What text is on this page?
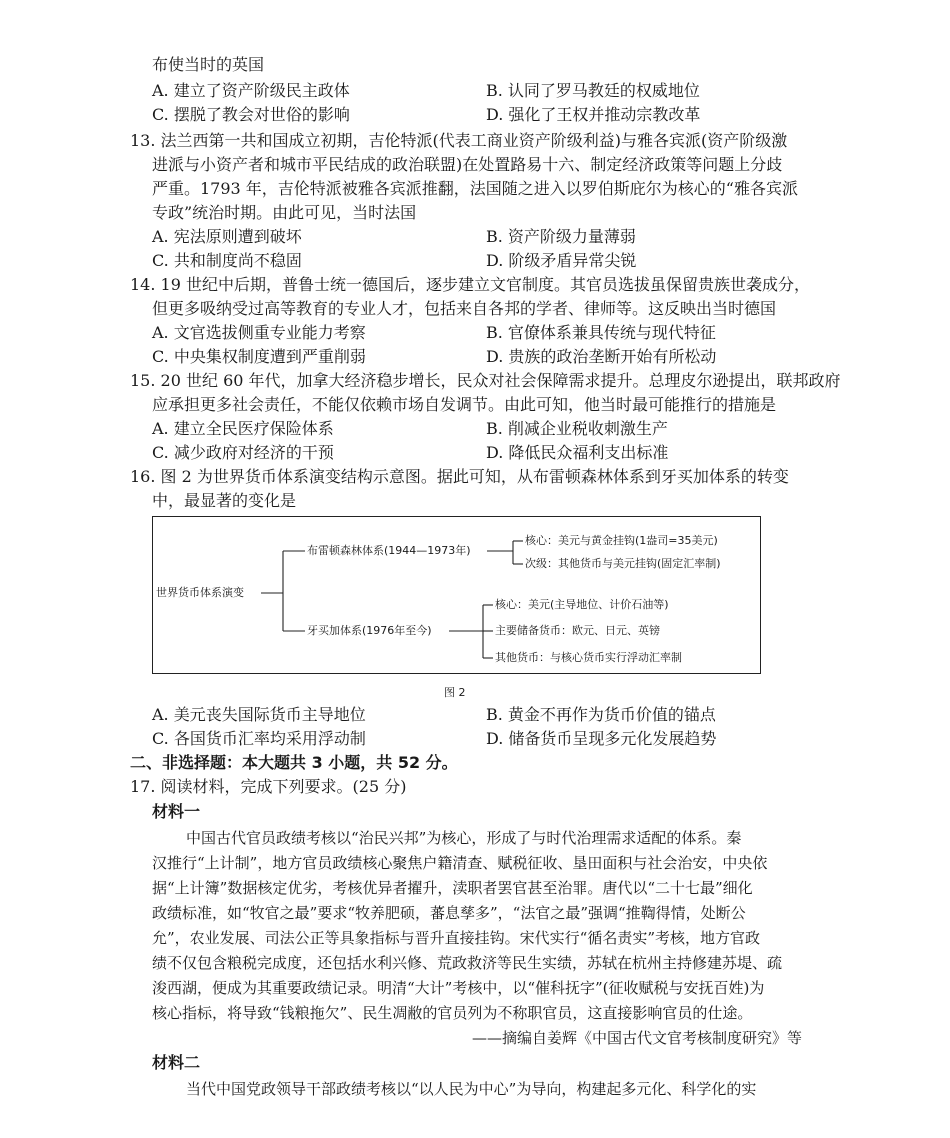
布使当时的英国
A. 建立了资产阶级民主政体	B. 认同了罗马教廷的权威地位
C. 摆脱了教会对世俗的影响	D. 强化了王权并推动宗教改革
13. 法兰西第一共和国成立初期，吉伦特派(代表工商业资产阶级利益)与雅各宾派(资产阶级激
进派与小资产者和城市平民结成的政治联盟)在处置路易十六、制定经济政策等问题上分歧
严重。1793 年，吉伦特派被雅各宾派推翻，法国随之进入以罗伯斯庇尔为核心的“雅各宾派
专政”统治时期。由此可见，当时法国
A. 宪法原则遭到破坏	B. 资产阶级力量薄弱
C. 共和制度尚不稳固	D. 阶级矛盾异常尖锐
14. 19 世纪中后期，普鲁士统一德国后，逐步建立文官制度。其官员选拔虽保留贵族世袭成分，
但更多吸纳受过高等教育的专业人才，包括来自各邦的学者、律师等。这反映出当时德国
A. 文官选拔侧重专业能力考察	B. 官僚体系兼具传统与现代特征
C. 中央集权制度遭到严重削弱	D. 贵族的政治垄断开始有所松动
15. 20 世纪 60 年代，加拿大经济稳步增长，民众对社会保障需求提升。总理皮尔逊提出，联邦政府
应承担更多社会责任，不能仅依赖市场自发调节。由此可知，他当时最可能推行的措施是
A. 建立全民医疗保险体系	B. 削减企业税收刺激生产
C. 减少政府对经济的干预	D. 降低民众福利支出标准
16. 图 2 为世界货币体系演变结构示意图。据此可知，从布雷顿森林体系到牙买加体系的转变
中，最显著的变化是
世界货币体系演变
布雷顿森林体系(1944—1973年)
核心：美元与黄金挂钩(1盎司=35美元)
次级：其他货币与美元挂钩(固定汇率制)
牙买加体系(1976年至今)
核心：美元(主导地位、计价石油等)
主要储备货币：欧元、日元、英镑
其他货币：与核心货币实行浮动汇率制
图 2
A. 美元丧失国际货币主导地位	B. 黄金不再作为货币价值的锚点
C. 各国货币汇率均采用浮动制	D. 储备货币呈现多元化发展趋势
二、非选择题：本大题共 3 小题，共 52 分。
17. 阅读材料，完成下列要求。(25 分)
材料一
中国古代官员政绩考核以“治民兴邦”为核心，形成了与时代治理需求适配的体系。秦
汉推行“上计制”，地方官员政绩核心聚焦户籍清查、赋税征收、垦田面积与社会治安，中央依
据“上计簿”数据核定优劣，考核优异者擢升，渎职者罢官甚至治罪。唐代以“二十七最”细化
政绩标准，如“牧官之最”要求“牧养肥硕，蕃息孳多”，“法官之最”强调“推鞫得情，处断公
允”，农业发展、司法公正等具象指标与晋升直接挂钩。宋代实行“循名责实”考核，地方官政
绩不仅包含粮税完成度，还包括水利兴修、荒政救济等民生实绩，苏轼在杭州主持修建苏堤、疏
浚西湖，便成为其重要政绩记录。明清“大计”考核中，以“催科抚字”(征收赋税与安抚百姓)为
核心指标，将导致“钱粮拖欠”、民生凋敝的官员列为不称职官员，这直接影响官员的仕途。
——摘编自姜辉《中国古代文官考核制度研究》等
材料二
当代中国党政领导干部政绩考核以“以人民为中心”为导向，构建起多元化、科学化的实
